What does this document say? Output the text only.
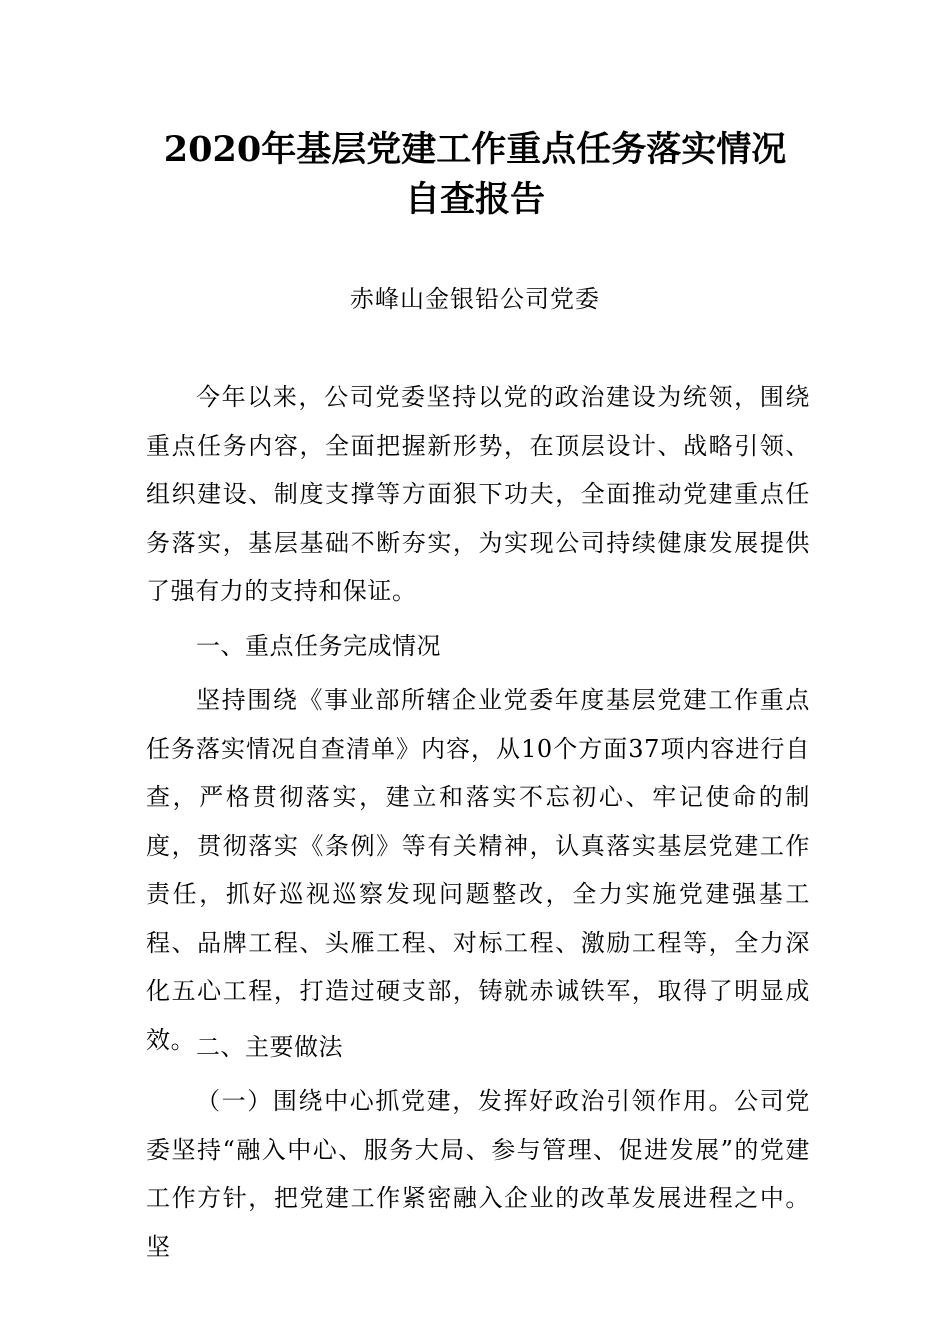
2020年基层党建工作重点任务落实情况
自查报告
赤峰山金银铅公司党委
今年以来，公司党委坚持以党的政治建设为统领，围绕重点任务内容，全面把握新形势，在顶层设计、战略引领、组织建设、制度支撑等方面狠下功夫，全面推动党建重点任务落实，基层基础不断夯实，为实现公司持续健康发展提供了强有力的支持和保证。
一、重点任务完成情况
坚持围绕《事业部所辖企业党委年度基层党建工作重点任务落实情况自查清单》内容，从10个方面37项内容进行自查，严格贯彻落实，建立和落实不忘初心、牢记使命的制度，贯彻落实《条例》等有关精神，认真落实基层党建工作责任，抓好巡视巡察发现问题整改，全力实施党建强基工程、品牌工程、头雁工程、对标工程、激励工程等，全力深化五心工程，打造过硬支部，铸就赤诚铁军，取得了明显成效。 二、主要做法
（一）围绕中心抓党建，发挥好政治引领作用。公司党委坚持“融入中心、服务大局、参与管理、促进发展”的党建工作方针，把党建工作紧密融入企业的改革发展进程之中。坚
